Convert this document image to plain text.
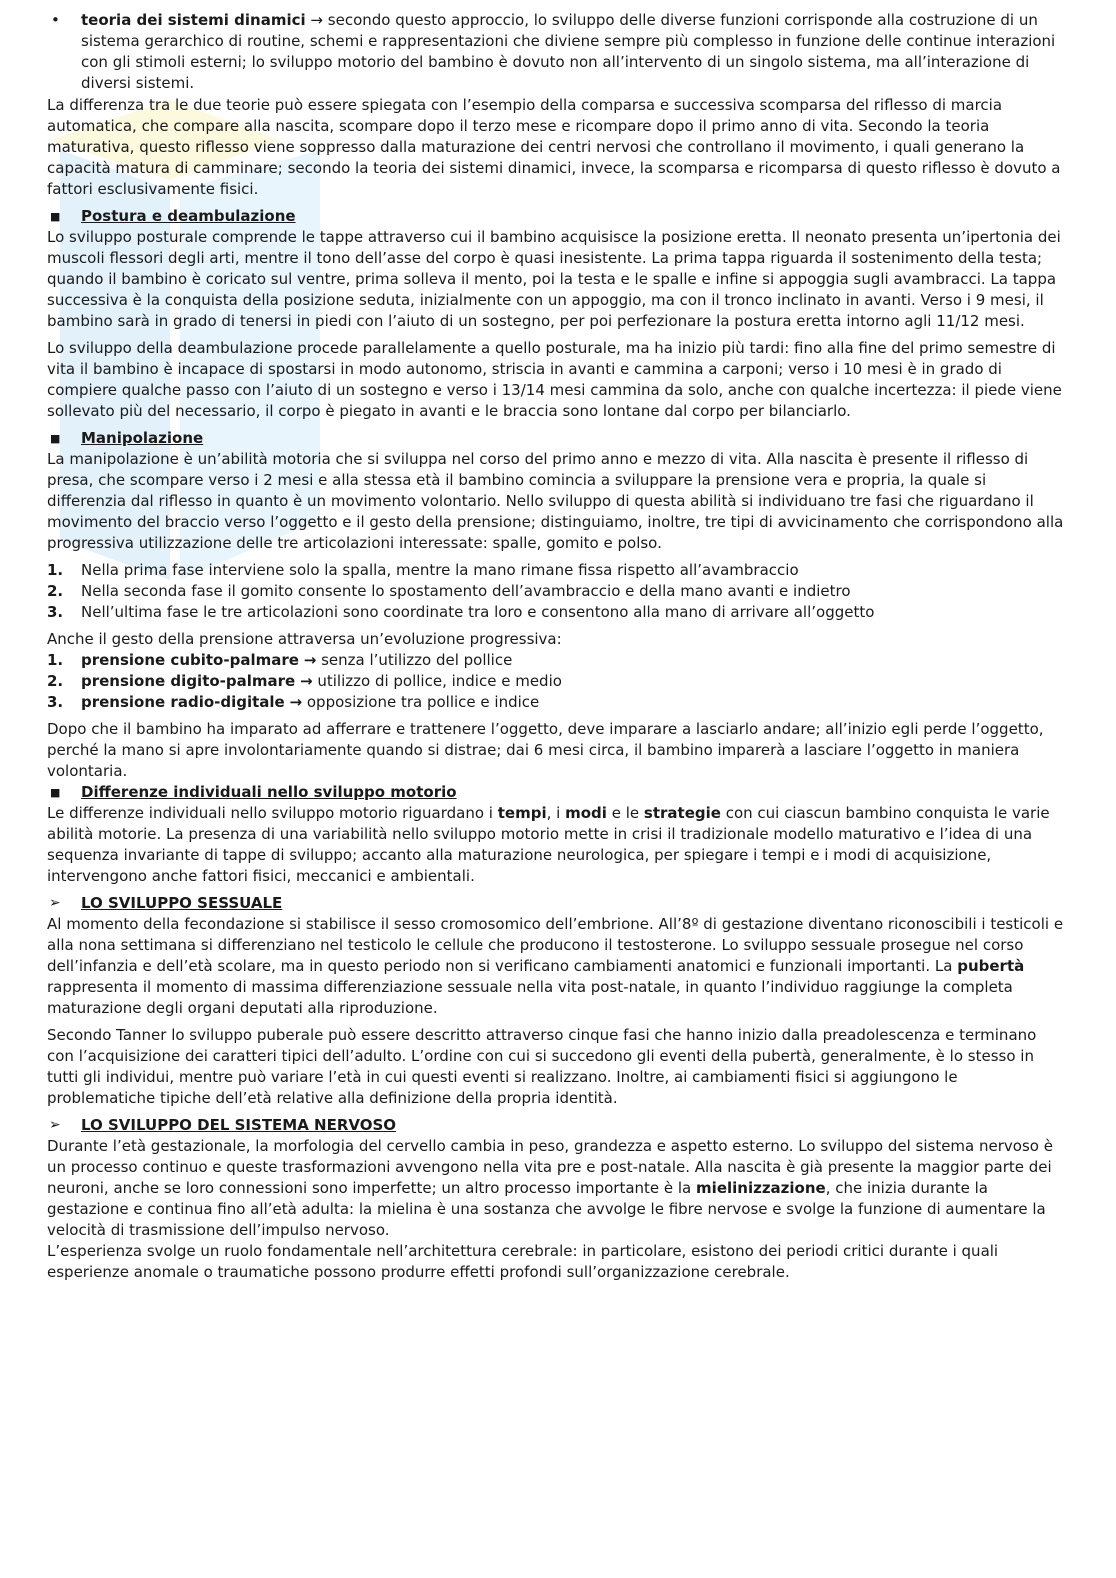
•	teoria dei sistemi dinamici → secondo questo approccio, lo sviluppo delle diverse funzioni corrisponde alla costruzione di un sistema gerarchico di routine, schemi e rappresentazioni che diviene sempre più complesso in funzione delle continue interazioni con gli stimoli esterni; lo sviluppo motorio del bambino è dovuto non all’intervento di un singolo sistema, ma all’interazione di diversi sistemi.

La differenza tra le due teorie può essere spiegata con l’esempio della comparsa e successiva scomparsa del riflesso di marcia automatica, che compare alla nascita, scompare dopo il terzo mese e ricompare dopo il primo anno di vita. Secondo la teoria maturativa, questo riflesso viene soppresso dalla maturazione dei centri nervosi che controllano il movimento, i quali generano la capacità matura di camminare; secondo la teoria dei sistemi dinamici, invece, la scomparsa e ricomparsa di questo riflesso è dovuto a fattori esclusivamente fisici.

■	Postura e deambulazione

Lo sviluppo posturale comprende le tappe attraverso cui il bambino acquisisce la posizione eretta. Il neonato presenta un’ipertonia dei muscoli flessori degli arti, mentre il tono dell’asse del corpo è quasi inesistente. La prima tappa riguarda il sostenimento della testa; quando il bambino è coricato sul ventre, prima solleva il mento, poi la testa e le spalle e infine si appoggia sugli avambracci. La tappa successiva è la conquista della posizione seduta, inizialmente con un appoggio, ma con il tronco inclinato in avanti. Verso i 9 mesi, il bambino sarà in grado di tenersi in piedi con l’aiuto di un sostegno, per poi perfezionare la postura eretta intorno agli 11/12 mesi.

Lo sviluppo della deambulazione procede parallelamente a quello posturale, ma ha inizio più tardi: fino alla fine del primo semestre di vita il bambino è incapace di spostarsi in modo autonomo, striscia in avanti e cammina a carponi; verso i 10 mesi è in grado di compiere qualche passo con l’aiuto di un sostegno e verso i 13/14 mesi cammina da solo, anche con qualche incertezza: il piede viene sollevato più del necessario, il corpo è piegato in avanti e le braccia sono lontane dal corpo per bilanciarlo.

■	Manipolazione

La manipolazione è un’abilità motoria che si sviluppa nel corso del primo anno e mezzo di vita. Alla nascita è presente il riflesso di presa, che scompare verso i 2 mesi e alla stessa età il bambino comincia a sviluppare la prensione vera e propria, la quale si differenzia dal riflesso in quanto è un movimento volontario. Nello sviluppo di questa abilità si individuano tre fasi che riguardano il movimento del braccio verso l’oggetto e il gesto della prensione; distinguiamo, inoltre, tre tipi di avvicinamento che corrispondono alla progressiva utilizzazione delle tre articolazioni interessate: spalle, gomito e polso.

1.	Nella prima fase interviene solo la spalla, mentre la mano rimane fissa rispetto all’avambraccio
2.	Nella seconda fase il gomito consente lo spostamento dell’avambraccio e della mano avanti e indietro
3.	Nell’ultima fase le tre articolazioni sono coordinate tra loro e consentono alla mano di arrivare all’oggetto

Anche il gesto della prensione attraversa un’evoluzione progressiva:

1.	prensione cubito-palmare → senza l’utilizzo del pollice
2.	prensione digito-palmare → utilizzo di pollice, indice e medio
3.	prensione radio-digitale → opposizione tra pollice e indice

Dopo che il bambino ha imparato ad afferrare e trattenere l’oggetto, deve imparare a lasciarlo andare; all’inizio egli perde l’oggetto, perché la mano si apre involontariamente quando si distrae; dai 6 mesi circa, il bambino imparerà a lasciare l’oggetto in maniera volontaria.

■	Differenze individuali nello sviluppo motorio

Le differenze individuali nello sviluppo motorio riguardano i tempi, i modi e le strategie con cui ciascun bambino conquista le varie abilità motorie. La presenza di una variabilità nello sviluppo motorio mette in crisi il tradizionale modello maturativo e l’idea di una sequenza invariante di tappe di sviluppo; accanto alla maturazione neurologica, per spiegare i tempi e i modi di acquisizione, intervengono anche fattori fisici, meccanici e ambientali.

➢	LO SVILUPPO SESSUALE

Al momento della fecondazione si stabilisce il sesso cromosomico dell’embrione. All’8º di gestazione diventano riconoscibili i testicoli e alla nona settimana si differenziano nel testicolo le cellule che producono il testosterone. Lo sviluppo sessuale prosegue nel corso dell’infanzia e dell’età scolare, ma in questo periodo non si verificano cambiamenti anatomici e funzionali importanti. La pubertà rappresenta il momento di massima differenziazione sessuale nella vita post-natale, in quanto l’individuo raggiunge la completa maturazione degli organi deputati alla riproduzione.

Secondo Tanner lo sviluppo puberale può essere descritto attraverso cinque fasi che hanno inizio dalla preadolescenza e terminano con l’acquisizione dei caratteri tipici dell’adulto. L’ordine con cui si succedono gli eventi della pubertà, generalmente, è lo stesso in tutti gli individui, mentre può variare l’età in cui questi eventi si realizzano. Inoltre, ai cambiamenti fisici si aggiungono le problematiche tipiche dell’età relative alla definizione della propria identità.

➢	LO SVILUPPO DEL SISTEMA NERVOSO

Durante l’età gestazionale, la morfologia del cervello cambia in peso, grandezza e aspetto esterno. Lo sviluppo del sistema nervoso è un processo continuo e queste trasformazioni avvengono nella vita pre e post-natale. Alla nascita è già presente la maggior parte dei neuroni, anche se loro connessioni sono imperfette; un altro processo importante è la mielinizzazione, che inizia durante la gestazione e continua fino all’età adulta: la mielina è una sostanza che avvolge le fibre nervose e svolge la funzione di aumentare la velocità di trasmissione dell’impulso nervoso.

L’esperienza svolge un ruolo fondamentale nell’architettura cerebrale: in particolare, esistono dei periodi critici durante i quali esperienze anomale o traumatiche possono produrre effetti profondi sull’organizzazione cerebrale.
